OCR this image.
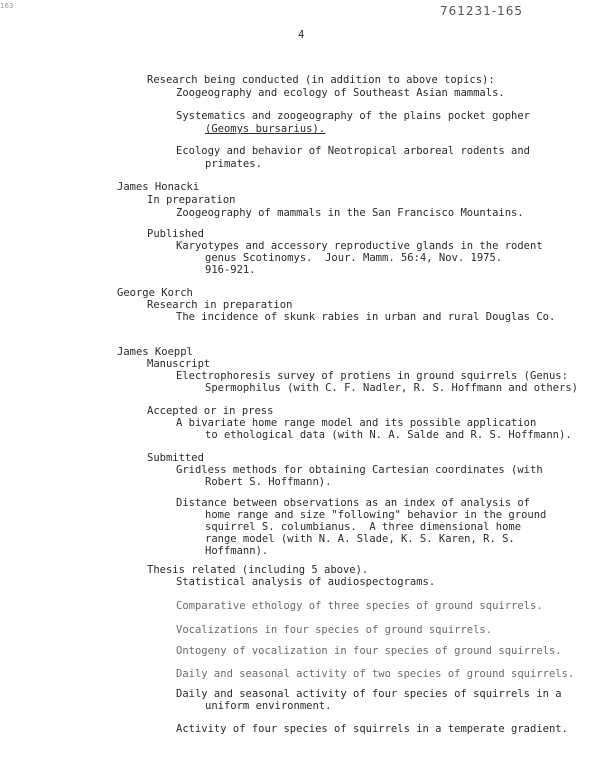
163	761231-165
4
Research being conducted (in addition to above topics):
Zoogeography and ecology of Southeast Asian mammals.
Systematics and zoogeography of the plains pocket gopher
(Geomys bursarius).
Ecology and behavior of Neotropical arboreal rodents and
primates.
James Honacki
In preparation
Zoogeography of mammals in the San Francisco Mountains.
Published
Karyotypes and accessory reproductive glands in the rodent
genus Scotinomys.  Jour. Mamm. 56:4, Nov. 1975.
916-921.
George Korch
Research in preparation
The incidence of skunk rabies in urban and rural Douglas Co.
James Koeppl
Manuscript
Electrophoresis survey of protiens in ground squirrels (Genus:
Spermophilus (with C. F. Nadler, R. S. Hoffmann and others)
Accepted or in press
A bivariate home range model and its possible application
to ethological data (with N. A. Salde and R. S. Hoffmann).
Submitted
Gridless methods for obtaining Cartesian coordinates (with
Robert S. Hoffmann).
Distance between observations as an index of analysis of
home range and size "following" behavior in the ground
squirrel S. columbianus.  A three dimensional home
range model (with N. A. Slade, K. S. Karen, R. S.
Hoffmann).
Thesis related (including 5 above).
Statistical analysis of audiospectograms.
Comparative ethology of three species of ground squirrels.
Vocalizations in four species of ground squirrels.
Ontogeny of vocalization in four species of ground squirrels.
Daily and seasonal activity of two species of ground squirrels.
Daily and seasonal activity of four species of squirrels in a
uniform environment.
Activity of four species of squirrels in a temperate gradient.
